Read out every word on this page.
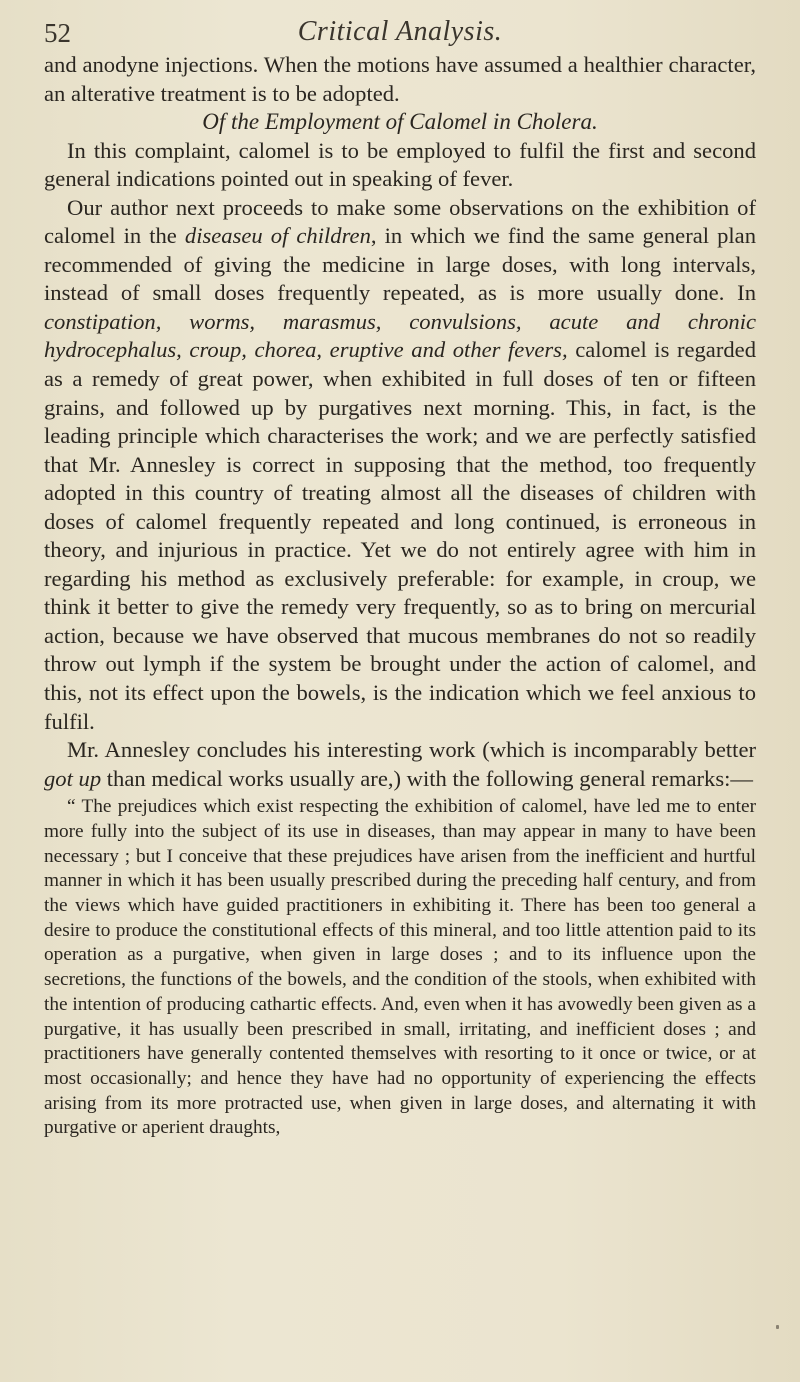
52	Critical Analysis.

and anodyne injections. When the motions have assumed a healthier character, an alterative treatment is to be adopted.

Of the Employment of Calomel in Cholera.

In this complaint, calomel is to be employed to fulfil the first and second general indications pointed out in speaking of fever.

Our author next proceeds to make some observations on the exhibition of calomel in the diseaseu of children, in which we find the same general plan recommended of giving the medicine in large doses, with long intervals, instead of small doses frequently repeated, as is more usually done. In constipation, worms, marasmus, convulsions, acute and chronic hydrocephalus, croup, chorea, eruptive and other fevers, calomel is regarded as a remedy of great power, when exhibited in full doses of ten or fifteen grains, and followed up by purgatives next morning. This, in fact, is the leading principle which characterises the work; and we are perfectly satisfied that Mr. Annesley is correct in supposing that the method, too frequently adopted in this country of treating almost all the diseases of children with doses of calomel frequently repeated and long continued, is erroneous in theory, and injurious in practice. Yet we do not entirely agree with him in regarding his method as exclusively preferable: for example, in croup, we think it better to give the remedy very frequently, so as to bring on mercurial action, because we have observed that mucous membranes do not so readily throw out lymph if the system be brought under the action of calomel, and this, not its effect upon the bowels, is the indication which we feel anxious to fulfil.

Mr. Annesley concludes his interesting work (which is incomparably better got up than medical works usually are,) with the following general remarks:—

“ The prejudices which exist respecting the exhibition of calomel, have led me to enter more fully into the subject of its use in diseases, than may appear in many to have been necessary ; but I conceive that these prejudices have arisen from the inefficient and hurtful manner in which it has been usually prescribed during the preceding half century, and from the views which have guided practitioners in exhibiting it. There has been too general a desire to produce the constitutional effects of this mineral, and too little attention paid to its operation as a purgative, when given in large doses ; and to its influence upon the secretions, the functions of the bowels, and the condition of the stools, when exhibited with the intention of producing cathartic effects. And, even when it has avowedly been given as a purgative, it has usually been prescribed in small, irritating, and inefficient doses ; and practitioners have generally contented themselves with resorting to it once or twice, or at most occasionally; and hence they have had no opportunity of experiencing the effects arising from its more protracted use, when given in large doses, and alternating it with purgative or aperient draughts,
